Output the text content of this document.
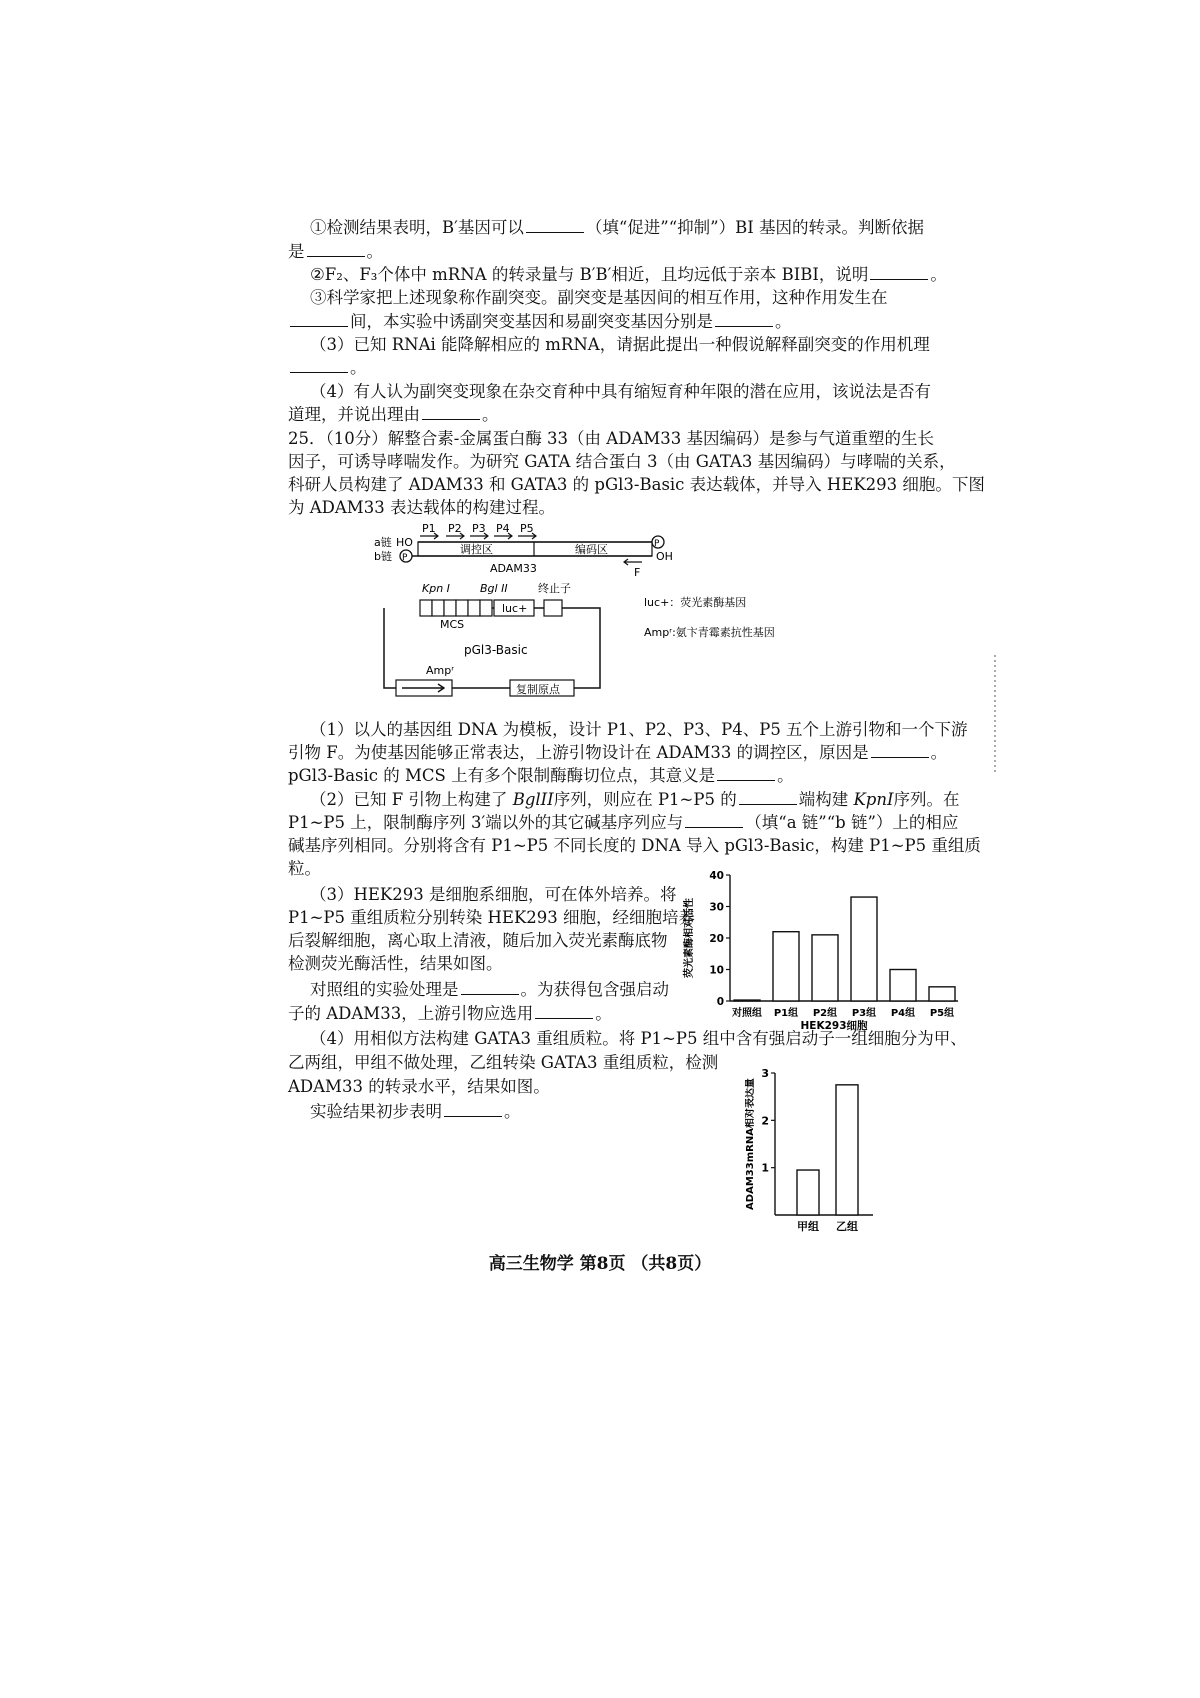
①检测结果表明，B′基因可以	（填“促进”“抑制”）BI 基因的转录。判断依据
是	。
②F₂、F₃个体中 mRNA 的转录量与 B′B′相近，且均远低于亲本 BIBI，说明	。
③科学家把上述现象称作副突变。副突变是基因间的相互作用，这种作用发生在
间，本实验中诱副突变基因和易副突变基因分别是	。
（3）已知 RNAi 能降解相应的 mRNA，请据此提出一种假说解释副突变的作用机理
。
（4）有人认为副突变现象在杂交育种中具有缩短育种年限的潜在应用，该说法是否有
道理，并说出理由	。
25．（10分）解整合素-金属蛋白酶 33（由 ADAM33 基因编码）是参与气道重塑的生长
因子，可诱导哮喘发作。为研究 GATA 结合蛋白 3（由 GATA3 基因编码）与哮喘的关系，
科研人员构建了 ADAM33 和 GATA3 的 pGl3-Basic 表达载体，并导入 HEK293 细胞。下图
为 ADAM33 表达载体的构建过程。
a链 HO	P
P1 P2 P3 P4 P5
调控区	编码区
b链 P	OH
ADAM33	F
Kpn I	Bgl II	终止子
luc+
MCS
pGl3-Basic
Ampʳ
复制原点
luc+：荧光素酶基因
Ampʳ:氨卞青霉素抗性基因
（1）以人的基因组 DNA 为模板，设计 P1、P2、P3、P4、P5 五个上游引物和一个下游
引物 F。为使基因能够正常表达，上游引物设计在 ADAM33 的调控区，原因是	。
pGl3-Basic 的 MCS 上有多个限制酶酶切位点，其意义是	。
（2）已知 F 引物上构建了 BglII序列，则应在 P1~P5 的	端构建 KpnI序列。在
P1~P5 上，限制酶序列 3′端以外的其它碱基序列应与	（填“a 链”“b 链”）上的相应
碱基序列相同。分别将含有 P1~P5 不同长度的 DNA 导入 pGl3-Basic，构建 P1~P5 重组质
粒。
（3）HEK293 是细胞系细胞，可在体外培养。将
P1~P5 重组质粒分别转染 HEK293 细胞，经细胞培养
后裂解细胞，离心取上清液，随后加入荧光素酶底物
检测荧光酶活性，结果如图。
对照组的实验处理是	。为获得包含强启动
子的 ADAM33，上游引物应选用	。
（4）用相似方法构建 GATA3 重组质粒。将 P1~P5 组中含有强启动子一组细胞分为甲、
乙两组，甲组不做处理，乙组转染 GATA3 重组质粒，检测
ADAM33 的转录水平，结果如图。
实验结果初步表明	。
0
10
20
30
40
对照组 P1组 P2组 P3组 P4组 P5组
荧光素酶相对活性
HEK293细胞
1
2
3
甲组 乙组
ADAM33mRNA相对表达量
高三生物学 第8页 （共8页）
